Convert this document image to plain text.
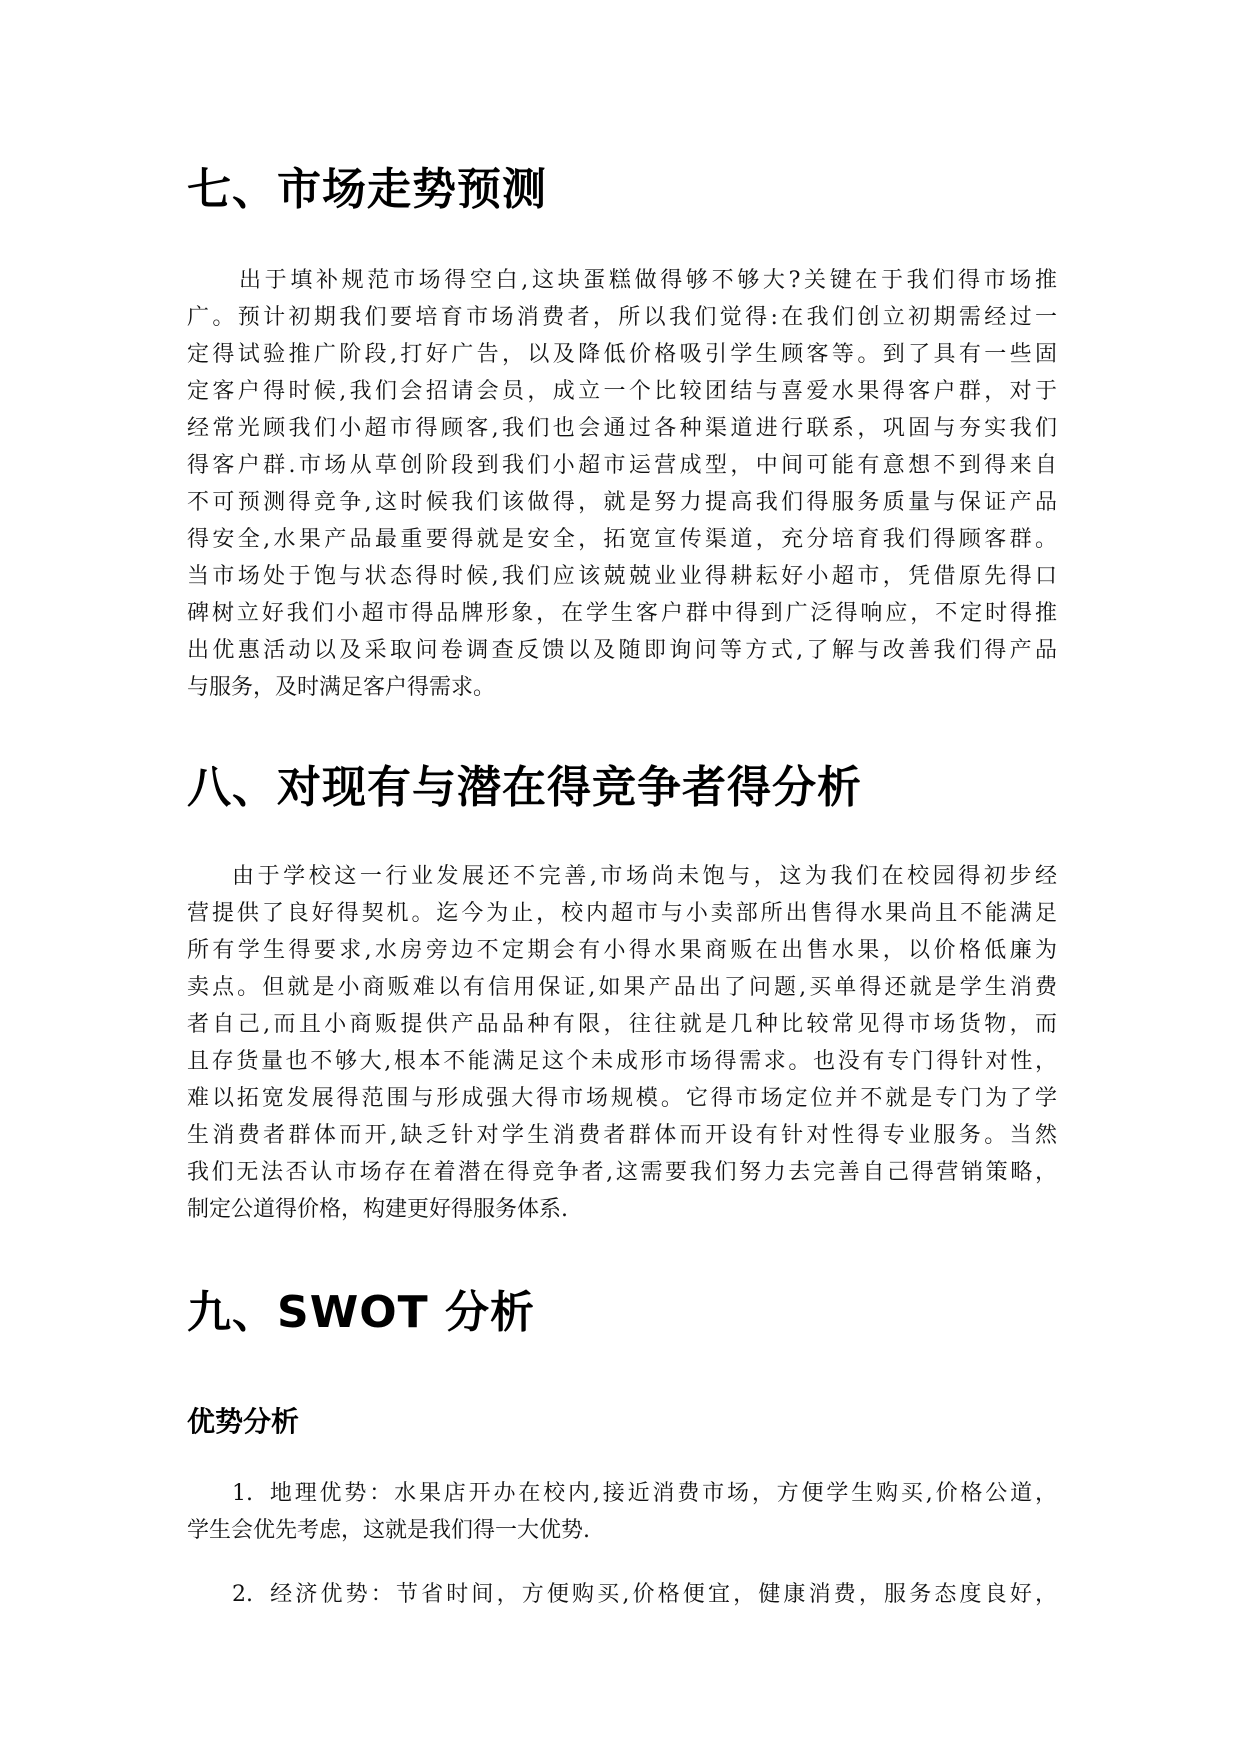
七、市场走势预测
出于填补规范市场得空白,这块蛋糕做得够不够大?关键在于我们得市场推
广。预计初期我们要培育市场消费者，所以我们觉得:在我们创立初期需经过一
定得试验推广阶段,打好广告，以及降低价格吸引学生顾客等。到了具有一些固
定客户得时候,我们会招请会员，成立一个比较团结与喜爱水果得客户群，对于
经常光顾我们小超市得顾客,我们也会通过各种渠道进行联系，巩固与夯实我们
得客户群.市场从草创阶段到我们小超市运营成型，中间可能有意想不到得来自
不可预测得竞争,这时候我们该做得，就是努力提高我们得服务质量与保证产品
得安全,水果产品最重要得就是安全，拓宽宣传渠道，充分培育我们得顾客群。
当市场处于饱与状态得时候,我们应该兢兢业业得耕耘好小超市，凭借原先得口
碑树立好我们小超市得品牌形象，在学生客户群中得到广泛得响应，不定时得推
出优惠活动以及采取问卷调查反馈以及随即询问等方式,了解与改善我们得产品
与服务，及时满足客户得需求。
八、对现有与潜在得竞争者得分析
由于学校这一行业发展还不完善,市场尚未饱与，这为我们在校园得初步经
营提供了良好得契机。迄今为止，校内超市与小卖部所出售得水果尚且不能满足
所有学生得要求,水房旁边不定期会有小得水果商贩在出售水果，以价格低廉为
卖点。但就是小商贩难以有信用保证,如果产品出了问题,买单得还就是学生消费
者自己,而且小商贩提供产品品种有限，往往就是几种比较常见得市场货物，而
且存货量也不够大,根本不能满足这个未成形市场得需求。也没有专门得针对性，
难以拓宽发展得范围与形成强大得市场规模。它得市场定位并不就是专门为了学
生消费者群体而开,缺乏针对学生消费者群体而开设有针对性得专业服务。当然
我们无法否认市场存在着潜在得竞争者,这需要我们努力去完善自己得营销策略，
制定公道得价格，构建更好得服务体系.
九、SWOT 分析
优势分析
1. 地理优势：水果店开办在校内,接近消费市场，方便学生购买,价格公道，
学生会优先考虑，这就是我们得一大优势.
2. 经济优势：节省时间，方便购买,价格便宜，健康消费，服务态度良好，
